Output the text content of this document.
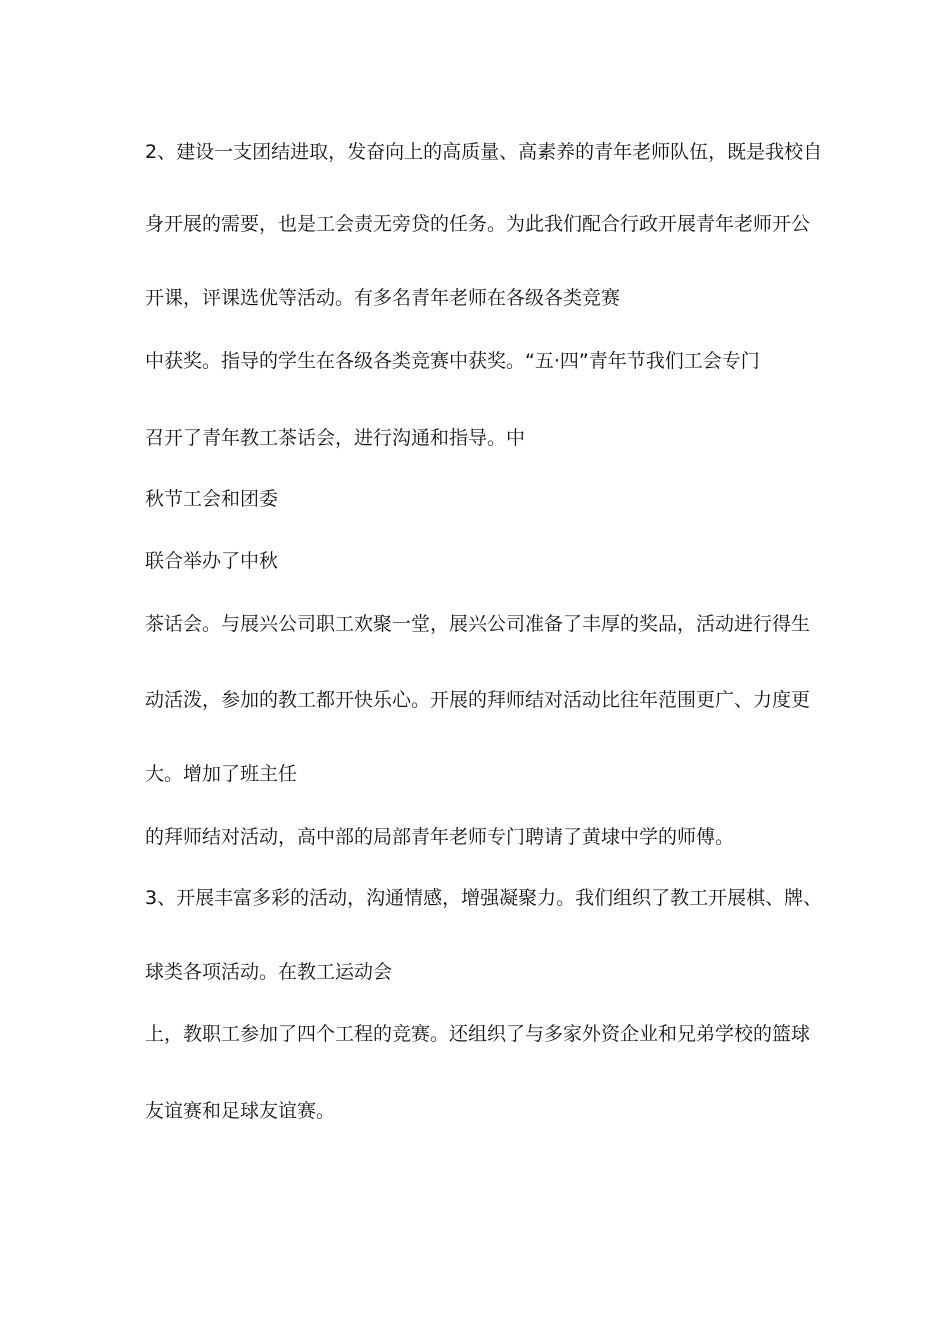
2、建设一支团结进取，发奋向上的高质量、高素养的青年老师队伍，既是我校自
身开展的需要，也是工会责无旁贷的任务。为此我们配合行政开展青年老师开公
开课，评课选优等活动。有多名青年老师在各级各类竞赛
中获奖。指导的学生在各级各类竞赛中获奖。“五·四”青年节我们工会专门
召开了青年教工茶话会，进行沟通和指导。中
秋节工会和团委
联合举办了中秋
茶话会。与展兴公司职工欢聚一堂，展兴公司准备了丰厚的奖品，活动进行得生
动活泼，参加的教工都开快乐心。开展的拜师结对活动比往年范围更广、力度更
大。增加了班主任
的拜师结对活动，高中部的局部青年老师专门聘请了黄埭中学的师傅。
3、开展丰富多彩的活动，沟通情感，增强凝聚力。我们组织了教工开展棋、牌、
球类各项活动。在教工运动会
上，教职工参加了四个工程的竞赛。还组织了与多家外资企业和兄弟学校的篮球
友谊赛和足球友谊赛。
